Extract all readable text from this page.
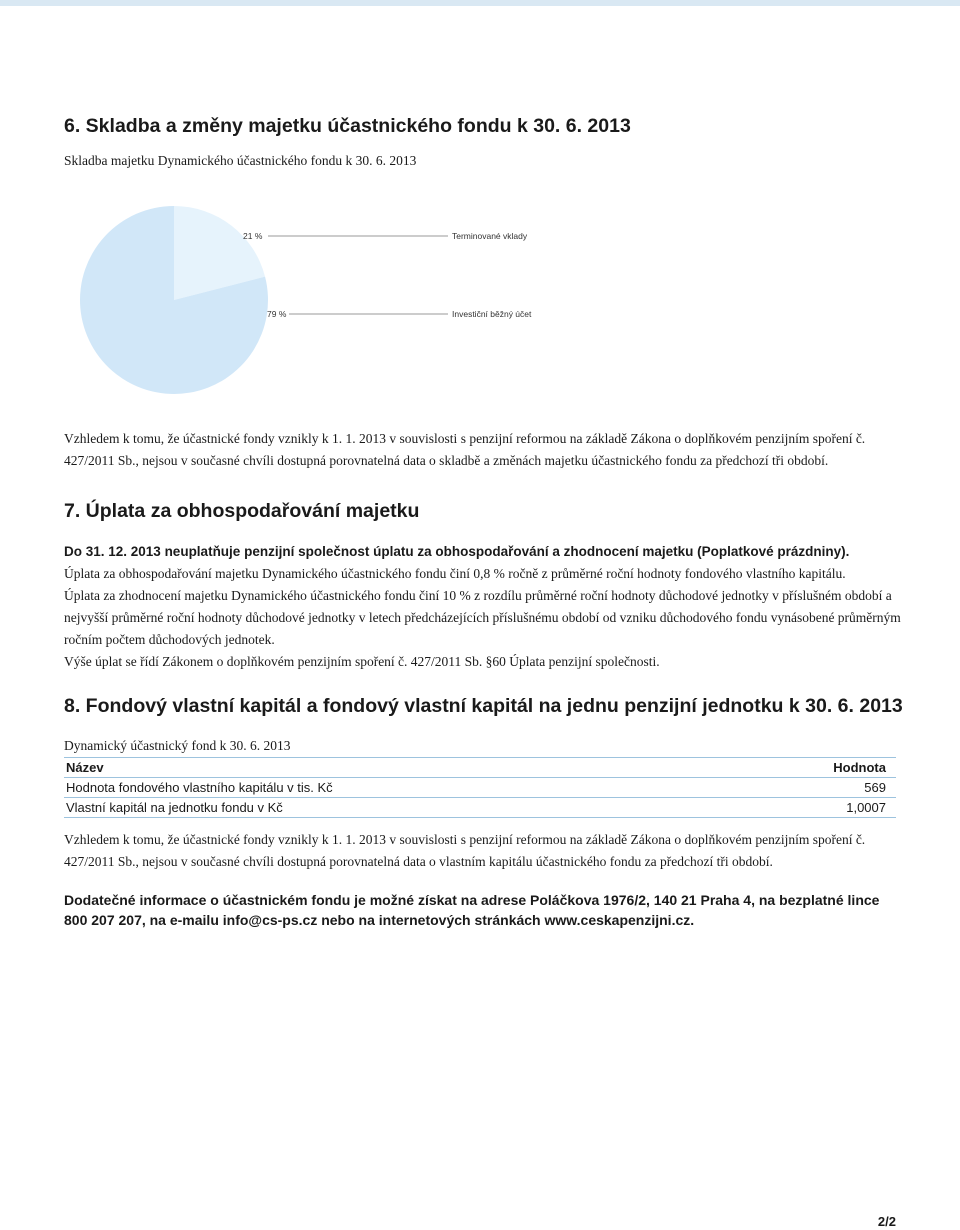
6. Skladba a změny majetku účastnického fondu k 30. 6. 2013
Skladba majetku Dynamického účastnického fondu k 30. 6. 2013
21 %
79 %
Terminované vklady
Investiční běžný účet
Vzhledem k tomu, že účastnické fondy vznikly k 1. 1. 2013 v souvislosti s penzijní reformou na základě Zákona o doplňkovém penzijním spoření č. 427/2011 Sb., nejsou v současné chvíli dostupná porovnatelná data o skladbě a změnách majetku účastnického fondu za předchozí tři období.
7. Úplata za obhospodařování majetku

Do 31. 12. 2013 neuplatňuje penzijní společnost úplatu za obhospodařování a zhodnocení majetku (Poplatkové prázdniny).

Úplata za obhospodařování majetku Dynamického účastnického fondu činí 0,8 % ročně z průměrné roční hodnoty fondového vlastního kapitálu.

Úplata za zhodnocení majetku Dynamického účastnického fondu činí 10 % z rozdílu průměrné roční hodnoty důchodové jednotky v příslušném období a nejvyšší průměrné roční hodnoty důchodové jednotky v letech předcházejících příslušnému období od vzniku důchodového fondu vynásobené průměrným ročním počtem důchodových jednotek.

Výše úplat se řídí Zákonem o doplňkovém penzijním spoření č. 427/2011 Sb. §60 Úplata penzijní společnosti.

8. Fondový vlastní kapitál a fondový vlastní kapitál na jednu penzijní jednotku k 30. 6. 2013
Dynamický účastnický fond k 30. 6. 2013
Název	Hodnota
Hodnota fondového vlastního kapitálu v tis. Kč	569
Vlastní kapitál na jednotku fondu v Kč	1,0007
Vzhledem k tomu, že účastnické fondy vznikly k 1. 1. 2013 v souvislosti s penzijní reformou na základě Zákona o doplňkovém penzijním spoření č. 427/2011 Sb., nejsou v současné chvíli dostupná porovnatelná data o vlastním kapitálu účastnického fondu za předchozí tři období.
Dodatečné informace o účastnickém fondu je možné získat na adrese Poláčkova 1976/2, 140 21 Praha 4, na bezplatné lince 800 207 207, na e-mailu info@cs-ps.cz nebo na internetových stránkách www.ceskapenzijni.cz.
2/2
